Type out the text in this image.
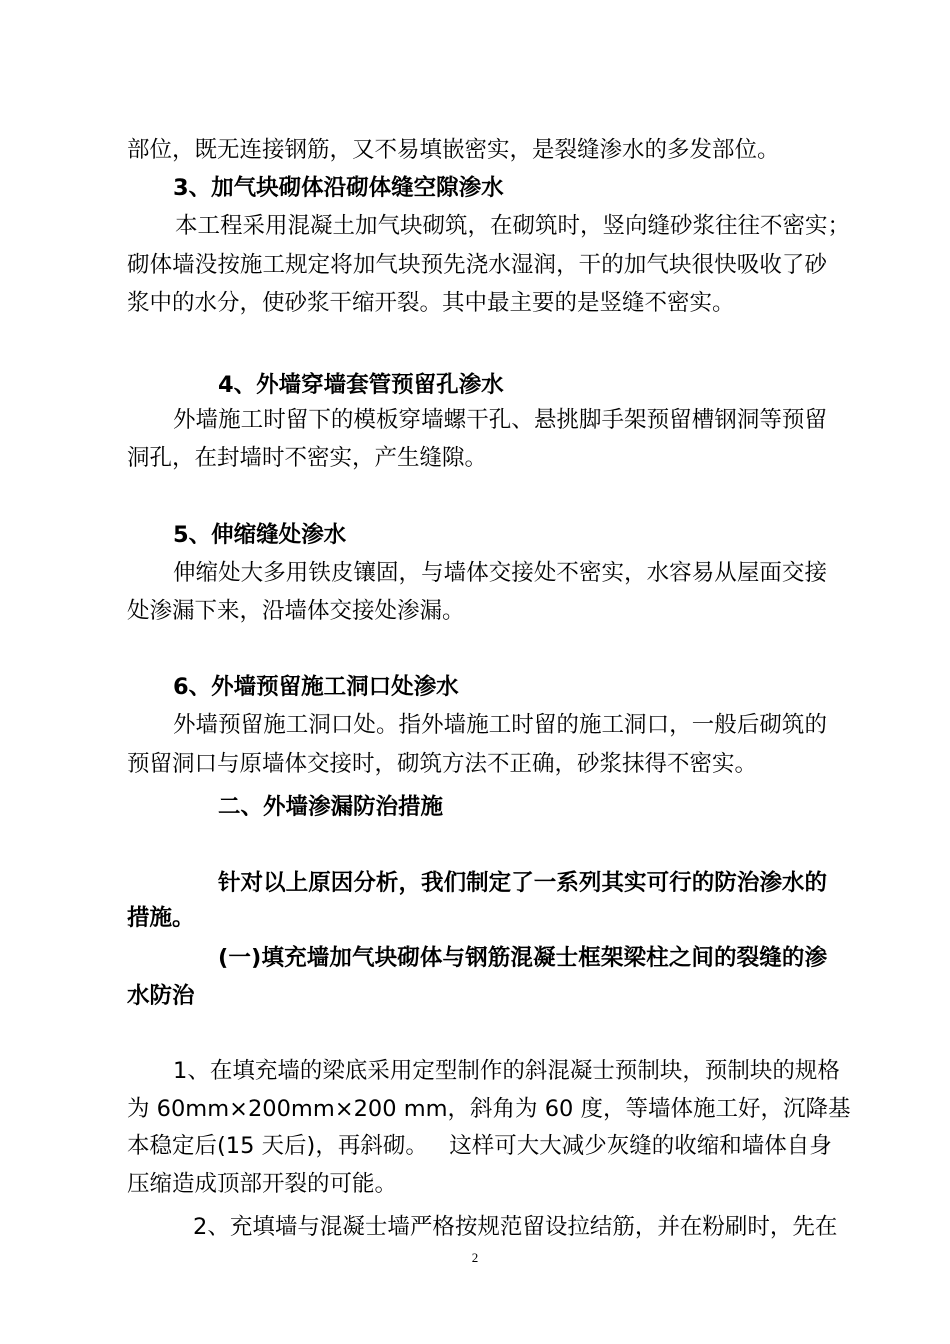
部位，既无连接钢筋，又不易填嵌密实，是裂缝渗水的多发部位。
3、加气块砌体沿砌体缝空隙渗水
本工程采用混凝土加气块砌筑，在砌筑时，竖向缝砂浆往往不密实；
砌体墙没按施工规定将加气块预先浇水湿润，干的加气块很快吸收了砂
浆中的水分，使砂浆干缩开裂。其中最主要的是竖缝不密实。
4、外墙穿墙套管预留孔渗水
外墙施工时留下的模板穿墙螺干孔、悬挑脚手架预留槽钢洞等预留
洞孔，在封墙时不密实，产生缝隙。
5、伸缩缝处渗水
伸缩处大多用铁皮镶固，与墙体交接处不密实，水容易从屋面交接
处渗漏下来，沿墙体交接处渗漏。
6、外墙预留施工洞口处渗水
外墙预留施工洞口处。指外墙施工时留的施工洞口，一般后砌筑的
预留洞口与原墙体交接时，砌筑方法不正确，砂浆抹得不密实。
二、外墙渗漏防治措施
针对以上原因分析，我们制定了一系列其实可行的防治渗水的
措施。
(一)填充墙加气块砌体与钢筋混凝士框架梁柱之间的裂缝的渗
水防治
1、在填充墙的梁底采用定型制作的斜混凝士预制块，预制块的规格
为 60mm×200mm×200 mm，斜角为 60 度，等墙体施工好，沉降基
本稳定后(15 天后)，再斜砌。   这样可大大减少灰缝的收缩和墙体自身
压缩造成顶部开裂的可能。
2、充填墙与混凝士墙严格按规范留设拉结筋，并在粉刷时，先在
2
